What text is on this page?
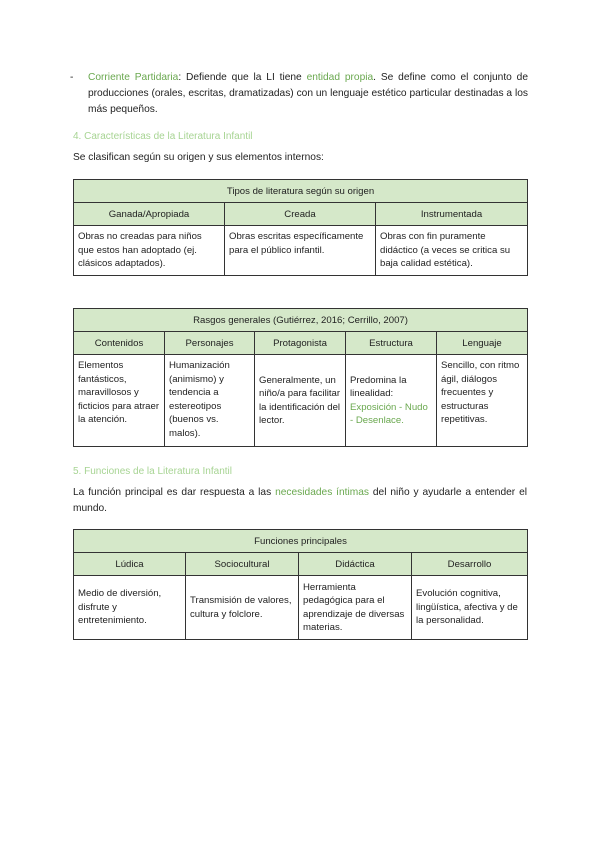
- Corriente Partidaria: Defiende que la LI tiene entidad propia. Se define como el conjunto de producciones (orales, escritas, dramatizadas) con un lenguaje estético particular destinadas a los más pequeños.
4. Características de la Literatura Infantil
Se clasifican según su origen y sus elementos internos:
Tipos de literatura según su origen		
Ganada/Apropiada	Creada	Instrumentada
Obras no creadas para niños que estos han adoptado (ej. clásicos adaptados).	Obras escritas específicamente para el público infantil.	Obras con fin puramente didáctico (a veces se critica su baja calidad estética).
Rasgos generales (Gutiérrez, 2016; Cerrillo, 2007)				
Contenidos	Personajes	Protagonista	Estructura	Lenguaje
Elementos fantásticos, maravillosos y ficticios para atraer la atención.	Humanización (animismo) y tendencia a estereotipos (buenos vs. malos).	Generalmente, un niño/a para facilitar la identificación del lector.	Predomina la linealidad: Exposición - Nudo - Desenlace.	Sencillo, con ritmo ágil, diálogos frecuentes y estructuras repetitivas.
5. Funciones de la Literatura Infantil
La función principal es dar respuesta a las necesidades íntimas del niño y ayudarle a entender el mundo.
Funciones principales			
Lúdica	Sociocultural	Didáctica	Desarrollo
Medio de diversión, disfrute y entretenimiento.	Transmisión de valores, cultura y folclore.	Herramienta pedagógica para el aprendizaje de diversas materias.	Evolución cognitiva, lingüística, afectiva y de la personalidad.
